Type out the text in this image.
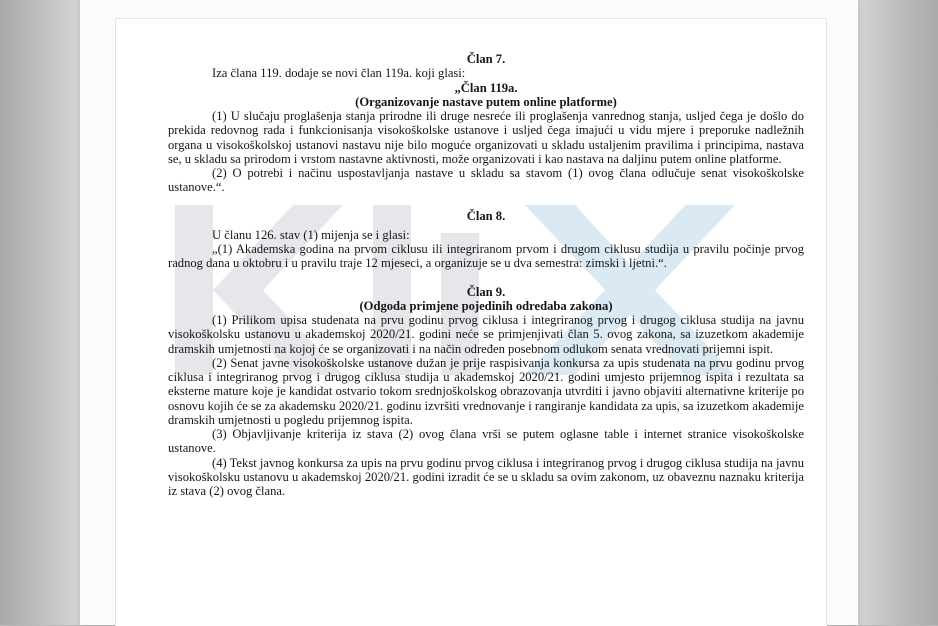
Član 7.

Iza člana 119. dodaje se novi član 119a. koji glasi:

„Član 119a.

(Organizovanje nastave putem online platforme)

(1) U slučaju proglašenja stanja prirodne ili druge nesreće ili proglašenja vanrednog stanja, usljed čega je došlo do prekida redovnog rada i funkcionisanja visokoškolske ustanove i usljed čega imajući u vidu mjere i preporuke nadležnih organa u visokoškolskoj ustanovi nastavu nije bilo moguće organizovati u skladu ustaljenim pravilima i principima, nastava se, u skladu sa prirodom i vrstom nastavne aktivnosti, može organizovati i kao nastava na daljinu putem online platforme.

(2) O potrebi i načinu uspostavljanja nastave u skladu sa stavom (1) ovog člana odlučuje senat visokoškolske ustanove.“.

Član 8.

U članu 126. stav (1) mijenja se i glasi:

„(1) Akademska godina na prvom ciklusu ili integriranom prvom i drugom ciklusu studija u pravilu počinje prvog radnog dana u oktobru i u pravilu traje 12 mjeseci, a organizuje se u dva semestra: zimski i ljetni.“.

Član 9.

(Odgoda primjene pojedinih odredaba zakona)

(1) Prilikom upisa studenata na prvu godinu prvog ciklusa i integriranog prvog i drugog ciklusa studija na javnu visokoškolsku ustanovu u akademskoj 2020/21. godini neće se primjenjivati član 5. ovog zakona, sa izuzetkom akademije dramskih umjetnosti na kojoj će se organizovati i na način određen posebnom odlukom senata vrednovati prijemni ispit.

(2) Senat javne visokoškolske ustanove dužan je prije raspisivanja konkursa za upis studenata na prvu godinu prvog ciklusa i integriranog prvog i drugog ciklusa studija u akademskoj 2020/21. godini umjesto prijemnog ispita i rezultata sa eksterne mature koje je kandidat ostvario tokom srednjoškolskog obrazovanja utvrditi i javno objaviti alternativne kriterije po osnovu kojih će se za akademsku 2020/21. godinu izvršiti vrednovanje i rangiranje kandidata za upis, sa izuzetkom akademije dramskih umjetnosti u pogledu prijemnog ispita.

(3) Objavljivanje kriterija iz stava (2) ovog člana vrši se putem oglasne table i internet stranice visokoškolske ustanove.

(4) Tekst javnog konkursa za upis na prvu godinu prvog ciklusa i integriranog prvog i drugog ciklusa studija na javnu visokoškolsku ustanovu u akademskoj 2020/21. godini izradit će se u skladu sa ovim zakonom, uz obaveznu naznaku kriterija iz stava (2) ovog člana.
